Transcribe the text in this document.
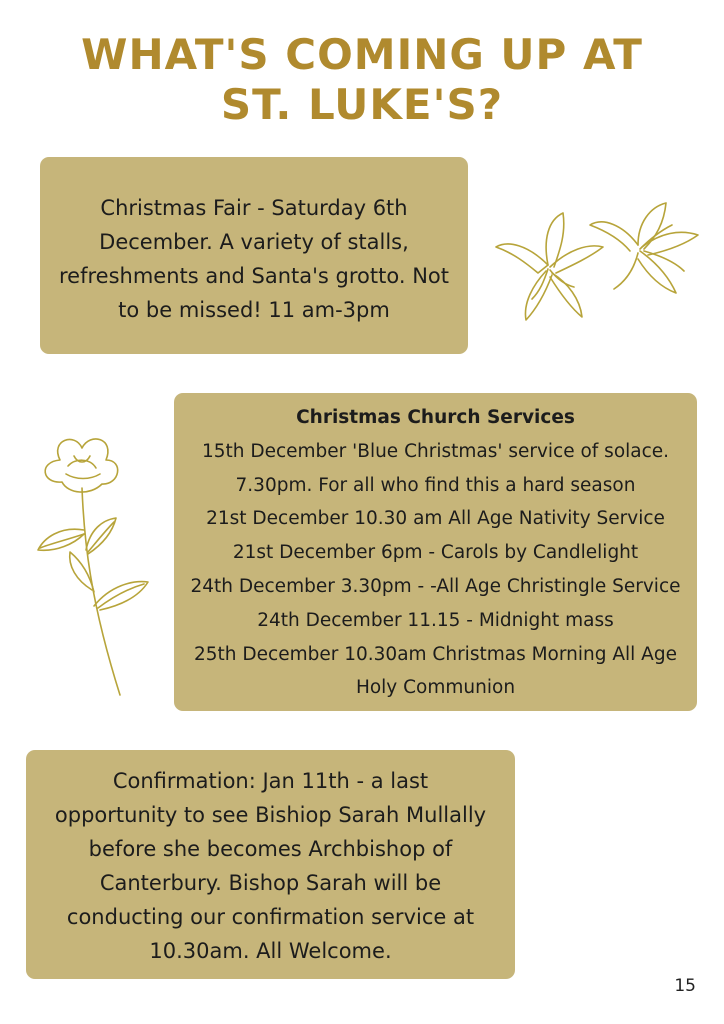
WHAT'S COMING UP AT
ST. LUKE'S?
Christmas Fair - Saturday 6th
December. A variety of stalls,
refreshments and Santa's grotto. Not
to be missed! 11 am-3pm
Christmas Church Services
15th December 'Blue Christmas' service of solace.
7.30pm. For all who find this a hard season
21st December 10.30 am All Age Nativity Service
21st December 6pm - Carols by Candlelight
24th December 3.30pm - -All Age Christingle Service
24th December 11.15 - Midnight mass
25th December 10.30am Christmas Morning All Age
Holy Communion
Confirmation: Jan 11th - a last
opportunity to see Bishiop Sarah Mullally
before she becomes Archbishop of
Canterbury. Bishop Sarah will be
conducting our confirmation service at
10.30am. All Welcome.
15
